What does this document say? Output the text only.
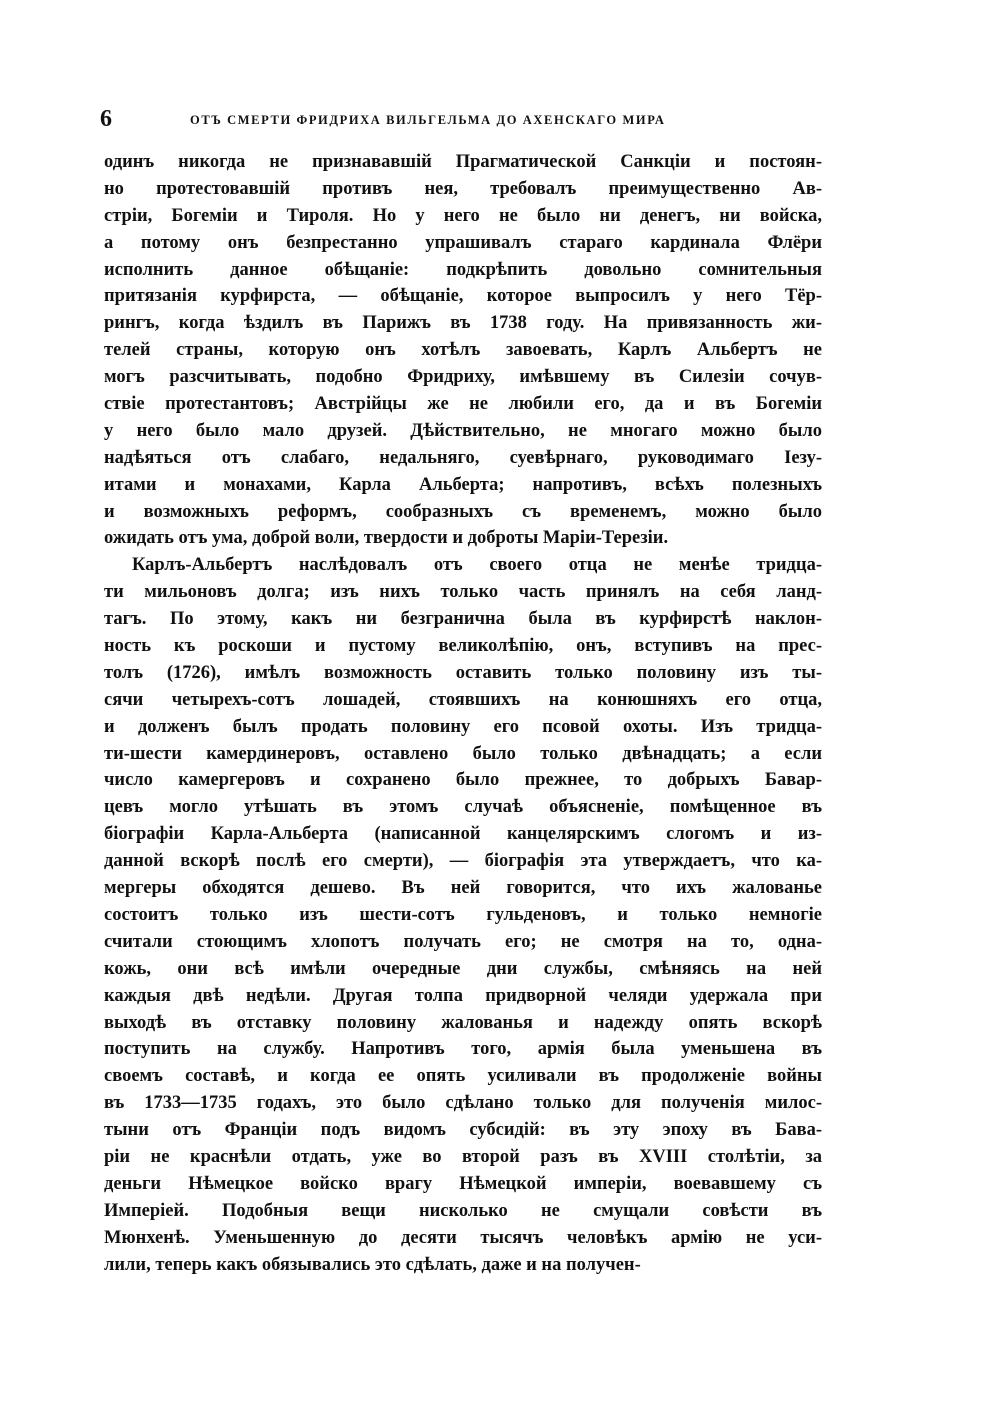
6	ОТЪ СМЕРТИ ФРИДРИХА ВИЛЬГЕЛЬМА ДО АХЕНСКАГО МИРА
одинъ никогда не признававшій Прагматической Санкціи и постоян-
но протестовавшій противъ нея, требовалъ преимущественно Ав-
стріи, Богеміи и Тироля. Но у него не было ни денегъ, ни войска,
а потому онъ безпрестанно упрашивалъ стараго кардинала Флёри
исполнить данное обѣщаніе: подкрѣпить довольно сомнительныя
притязанія курфирста, — обѣщаніе, которое выпросилъ у него Тёр-
рингъ, когда ѣздилъ въ Парижъ въ 1738 году. На привязанность жи-
телей страны, которую онъ хотѣлъ завоевать, Карлъ Альбертъ не
могъ разсчитывать, подобно Фридриху, имѣвшему въ Силезіи сочув-
ствіе протестантовъ; Австрійцы же не любили его, да и въ Богеміи
у него было мало друзей. Дѣйствительно, не многаго можно было
надѣяться отъ слабаго, недальняго, суевѣрнаго, руководимаго Іезу-
итами и монахами, Карла Альберта; напротивъ, всѣхъ полезныхъ
и возможныхъ реформъ, сообразныхъ съ временемъ, можно было
ожидать отъ ума, доброй воли, твердости и доброты Маріи-Терезіи.
Карлъ-Альбертъ наслѣдовалъ отъ своего отца не менѣе тридца-
ти мильоновъ долга; изъ нихъ только часть принялъ на себя ланд-
тагъ. По этому, какъ ни безгранична была въ курфирстѣ наклон-
ность къ роскоши и пустому великолѣпію, онъ, вступивъ на прес-
толъ (1726), имѣлъ возможность оставить только половину изъ ты-
сячи четырехъ-сотъ лошадей, стоявшихъ на конюшняхъ его отца,
и долженъ былъ продать половину его псовой охоты. Изъ тридца-
ти-шести камердинеровъ, оставлено было только двѣнадцать; а если
число камергеровъ и сохранено было прежнее, то добрыхъ Бавар-
цевъ могло утѣшать въ этомъ случаѣ объясненіе, помѣщенное въ
біографіи Карла-Альберта (написанной канцелярскимъ слогомъ и из-
данной вскорѣ послѣ его смерти), — біографія эта утверждаетъ, что ка-
мергеры обходятся дешево. Въ ней говорится, что ихъ жалованье
состоитъ только изъ шести-сотъ гульденовъ, и только немногіе
считали стоющимъ хлопотъ получать его; не смотря на то, одна-
кожь, они всѣ имѣли очередные дни службы, смѣняясь на ней
каждыя двѣ недѣли. Другая толпа придворной челяди удержала при
выходѣ въ отставку половину жалованья и надежду опять вскорѣ
поступить на службу. Напротивъ того, армія была уменьшена въ
своемъ составѣ, и когда ее опять усиливали въ продолженіе войны
въ 1733—1735 годахъ, это было сдѣлано только для полученія милос-
тыни отъ Франціи подъ видомъ субсидій: въ эту эпоху въ Бава-
ріи не краснѣли отдать, уже во второй разъ въ XVIII столѣтіи, за
деньги Нѣмецкое войско врагу Нѣмецкой имперіи, воевавшему съ
Имперіей. Подобныя вещи нисколько не смущали совѣсти въ
Мюнхенѣ. Уменьшенную до десяти тысячъ человѣкъ армію не уси-
лили, теперь какъ обязывались это сдѣлать, даже и на получен-
